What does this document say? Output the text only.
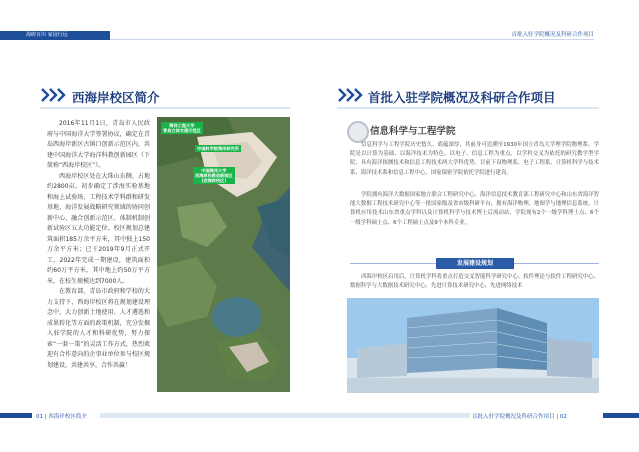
海研百川 家园行远	首批入驻学院概况及科研合作项目
西海岸校区简介

2016年11月1日，青岛市人民政府与中国海洋大学签署协议，确定在青岛西海岸新区古镇口创新示范区内，共建中国海洋大学海洋科教创新园区（下简称“西海岸校区”）。

西海岸校区处在大珠山东侧，占地约2800亩，初步确定了涉海实验基地和海上试验场、工程技术学科群和研发基地、海洋发展战略研究领域的协同创新中心、融合创新示范区、体制机制创新试验区五大功能定位。校区规划总建筑面积185万余平方米，其中独上150万余平方米；已于2019年9月正式开工，2022年完成一期建设，建筑面积约60万平方米，其中地上约50万平方米，在校生规模达到7000人。

在教育部、青岛市政府和学校的大力支持下，西海岸校区将在规划建设理念中，大力创新土地使用、人才遴选和成果转化等方面的政策机制，充分发掘入驻学院的人才和科研优势，努力探索“一套一策”的灵活工作方式，热烈欢迎有合作意向的企事业单位参与校区规划建设，共建共享，合作共赢！

海洋工程大学
青岛立体交通示范区
中国海洋大学
西海岸科教创新园区
(西海岸校区)
中国科学院海洋研究所
首批入驻学院概况及科研合作项目
信息科学与工程学院

信息科学与工程学院历史悠久、底蕴深厚，其前身可追溯至1930年国立青岛大学理学院物理系。学院是以计算为基础、以海洋技术为特色，以电子、信息工程为重点，以学科交叉为依托的研究教学型学院，具有海洋探测技术和信息工程技术两大学科优势。目前下设物理系、电子工程系、计算机科学与技术系、海洋技术系和信息工程中心，国家保密学院依托学院进行建设。

学院拥有海洋大数据国家地方联合工程研究中心、海洋信息技术教育部工程研究中心和山东省海洋智能大数据工程技术研究中心等一批国家级及省市级科研平台，拥有海洋物理、地图学与地理信息系统、计算机应用技术山东省重点学科以及计算机科学与技术博士后流动站。学院现有2个一级学科博士点、6个一级学科硕士点、6个工程硕士点及9个本科专业。

发展建设规划

西海岸校区启用后，计算机学科将重点打造交叉智能科学研究中心、软件理论与软件工程研究中心、数据科学与大数据技术研究中心、先进计算技术研究中心、先进网络技术

01 | 西海岸校区简介	首批入驻学院概况及科研合作项目 | 02
